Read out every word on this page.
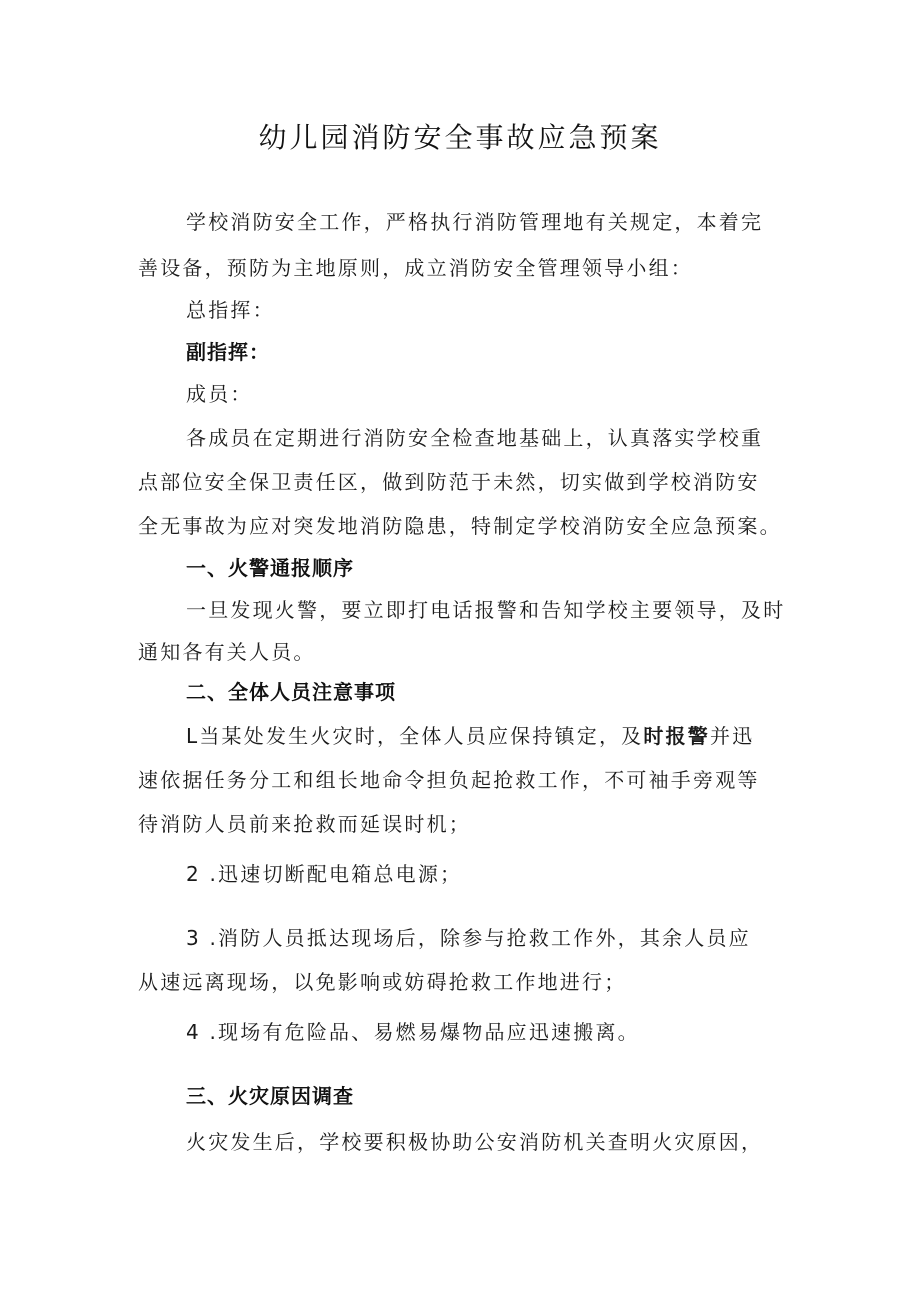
幼儿园消防安全事故应急预案

学校消防安全工作，严格执行消防管理地有关规定，本着完

善设备，预防为主地原则，成立消防安全管理领导小组：

总指挥：

副指挥：

成员：

各成员在定期进行消防安全检查地基础上，认真落实学校重

点部位安全保卫责任区，做到防范于未然，切实做到学校消防安

全无事故为应对突发地消防隐患，特制定学校消防安全应急预案。

一、火警通报顺序

一旦发现火警，要立即打电话报警和告知学校主要领导，及时

通知各有关人员。

二、全体人员注意事项

L当某处发生火灾时，全体人员应保持镇定，及时报警并迅

速依据任务分工和组长地命令担负起抢救工作，不可袖手旁观等

待消防人员前来抢救而延误时机；

2 .迅速切断配电箱总电源；

3 .消防人员抵达现场后，除参与抢救工作外，其余人员应

从速远离现场，以免影响或妨碍抢救工作地进行；

4 .现场有危险品、易燃易爆物品应迅速搬离。

三、火灾原因调查

火灾发生后，学校要积极协助公安消防机关查明火灾原因，
